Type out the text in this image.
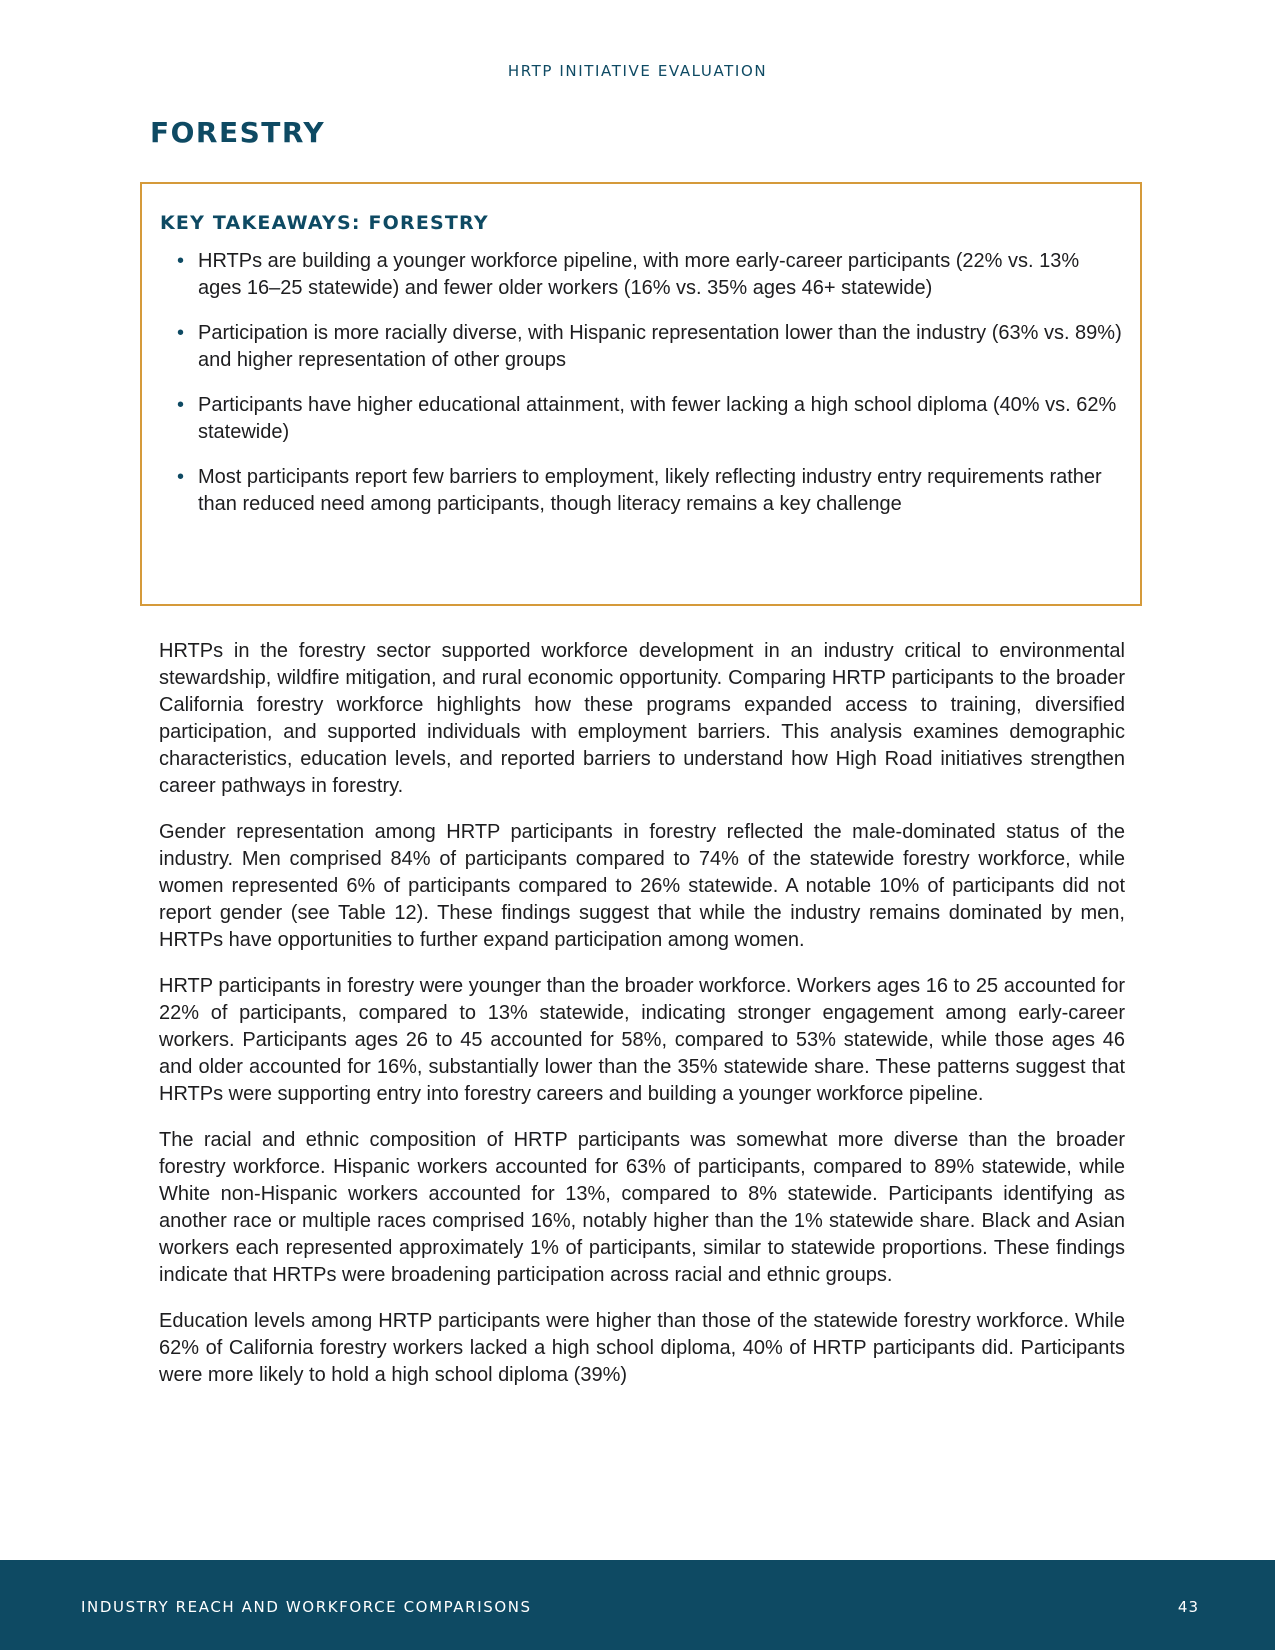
HRTP INITIATIVE EVALUATION
FORESTRY
KEY TAKEAWAYS: FORESTRY
• HRTPs are building a younger workforce pipeline, with more early-career participants (22% vs. 13% ages 16–25 statewide) and fewer older workers (16% vs. 35% ages 46+ statewide)
• Participation is more racially diverse, with Hispanic representation lower than the industry (63% vs. 89%) and higher representation of other groups
• Participants have higher educational attainment, with fewer lacking a high school diploma (40% vs. 62% statewide)
• Most participants report few barriers to employment, likely reflecting industry entry requirements rather than reduced need among participants, though literacy remains a key challenge

HRTPs in the forestry sector supported workforce development in an industry critical to environmental stewardship, wildfire mitigation, and rural economic opportunity. Comparing HRTP participants to the broader California forestry workforce highlights how these programs expanded access to training, diversified participation, and supported individuals with employment barriers. This analysis examines demographic characteristics, education levels, and reported barriers to understand how High Road initiatives strengthen career pathways in forestry.

Gender representation among HRTP participants in forestry reflected the male-dominated status of the industry. Men comprised 84% of participants compared to 74% of the statewide forestry workforce, while women represented 6% of participants compared to 26% statewide. A notable 10% of participants did not report gender (see Table 12). These findings suggest that while the industry remains dominated by men, HRTPs have opportunities to further expand participation among women.

HRTP participants in forestry were younger than the broader workforce. Workers ages 16 to 25 accounted for 22% of participants, compared to 13% statewide, indicating stronger engagement among early-career workers. Participants ages 26 to 45 accounted for 58%, compared to 53% statewide, while those ages 46 and older accounted for 16%, substantially lower than the 35% statewide share. These patterns suggest that HRTPs were supporting entry into forestry careers and building a younger workforce pipeline.

The racial and ethnic composition of HRTP participants was somewhat more diverse than the broader forestry workforce. Hispanic workers accounted for 63% of participants, compared to 89% statewide, while White non-Hispanic workers accounted for 13%, compared to 8% statewide. Participants identifying as another race or multiple races comprised 16%, notably higher than the 1% statewide share. Black and Asian workers each represented approximately 1% of participants, similar to statewide proportions. These findings indicate that HRTPs were broadening participation across racial and ethnic groups.

Education levels among HRTP participants were higher than those of the statewide forestry workforce. While 62% of California forestry workers lacked a high school diploma, 40% of HRTP participants did. Participants were more likely to hold a high school diploma (39%)

INDUSTRY REACH AND WORKFORCE COMPARISONS	43
